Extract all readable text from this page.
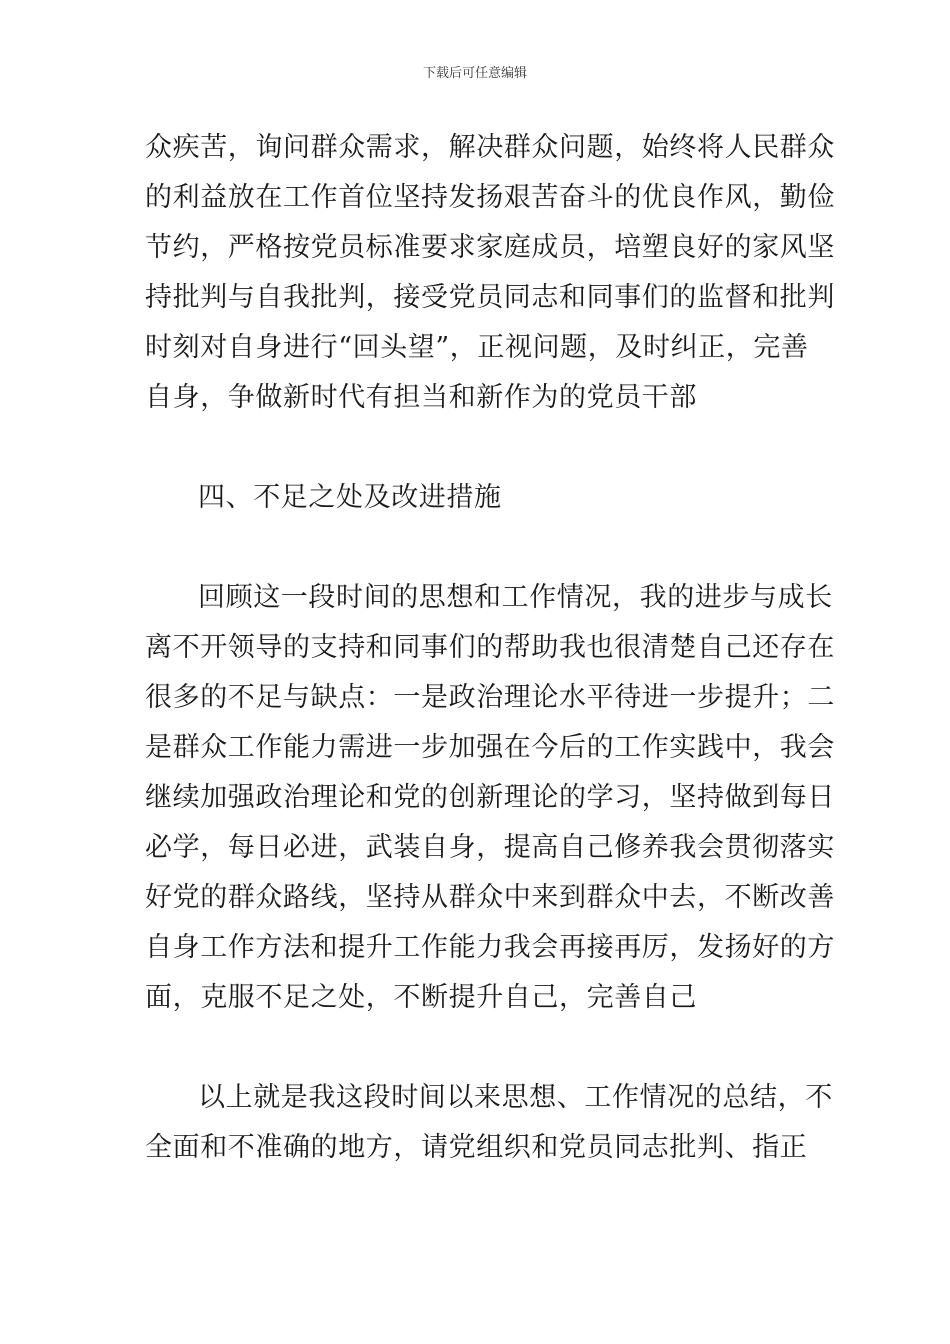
下载后可任意编辑
众疾苦，询问群众需求，解决群众问题，始终将人民群众
的利益放在工作首位坚持发扬艰苦奋斗的优良作风，勤俭
节约，严格按党员标准要求家庭成员，培塑良好的家风坚
持批判与自我批判，接受党员同志和同事们的监督和批判
时刻对自身进行“回头望”，正视问题，及时纠正，完善
自身，争做新时代有担当和新作为的党员干部
四、不足之处及改进措施
回顾这一段时间的思想和工作情况，我的进步与成长
离不开领导的支持和同事们的帮助我也很清楚自己还存在
很多的不足与缺点：一是政治理论水平待进一步提升；二
是群众工作能力需进一步加强在今后的工作实践中，我会
继续加强政治理论和党的创新理论的学习，坚持做到每日
必学，每日必进，武装自身，提高自己修养我会贯彻落实
好党的群众路线，坚持从群众中来到群众中去，不断改善
自身工作方法和提升工作能力我会再接再厉，发扬好的方
面，克服不足之处，不断提升自己，完善自己
以上就是我这段时间以来思想、工作情况的总结，不
全面和不准确的地方，请党组织和党员同志批判、指正
